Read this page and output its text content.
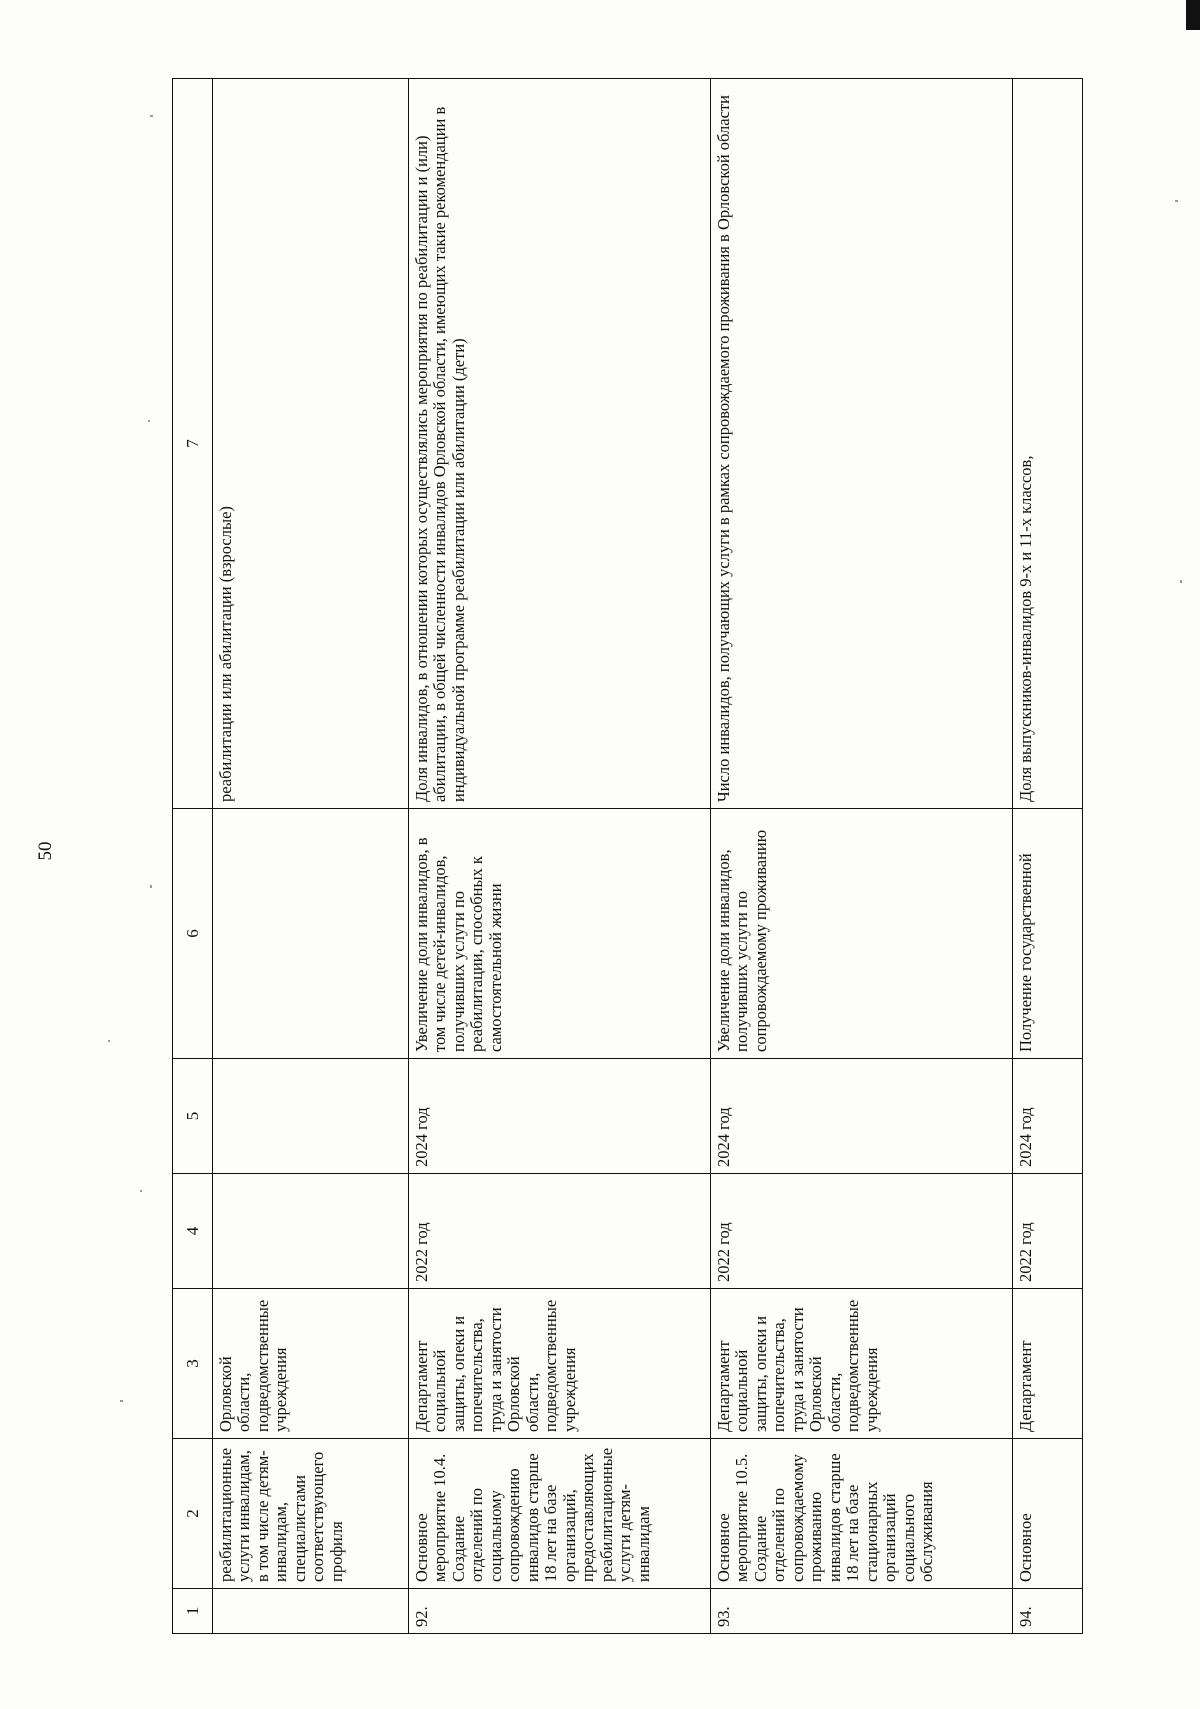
50
1	2	3	4	5	6	7
	реабилитационные услуги инвалидам, в том числе детям-инвалидам, специалистами соответствующего профиля	Орловской области, подведомственные учреждения				реабилитации или абилитации (взрослые)
92.	Основное мероприятие 10.4. Создание отделений по социальному сопровождению инвалидов старше 18 лет на базе организаций, предоставляющих реабилитационные услуги детям-инвалидам	Департамент социальной защиты, опеки и попечительства, труда и занятости Орловской области, подведомственные учреждения	2022 год	2024 год	Увеличение доли инвалидов, в том числе детей-инвалидов, получивших услуги по реабилитации, способных к самостоятельной жизни	Доля инвалидов, в отношении которых осуществлялись мероприятия по реабилитации и (или) абилитации, в общей численности инвалидов Орловской области, имеющих такие рекомендации в индивидуальной программе реабилитации или абилитации (дети)
93.	Основное мероприятие 10.5. Создание отделений по сопровождаемому проживанию инвалидов старше 18 лет на базе стационарных организаций социального обслуживания	Департамент социальной защиты, опеки и попечительства, труда и занятости Орловской области, подведомственные учреждения	2022 год	2024 год	Увеличение доли инвалидов, получивших услуги по сопровождаемому проживанию	Число инвалидов, получающих услуги в рамках сопровождаемого проживания в Орловской области
94.	Основное	Департамент	2022 год	2024 год	Получение государственной	Доля выпускников-инвалидов 9-х и 11-х классов,
